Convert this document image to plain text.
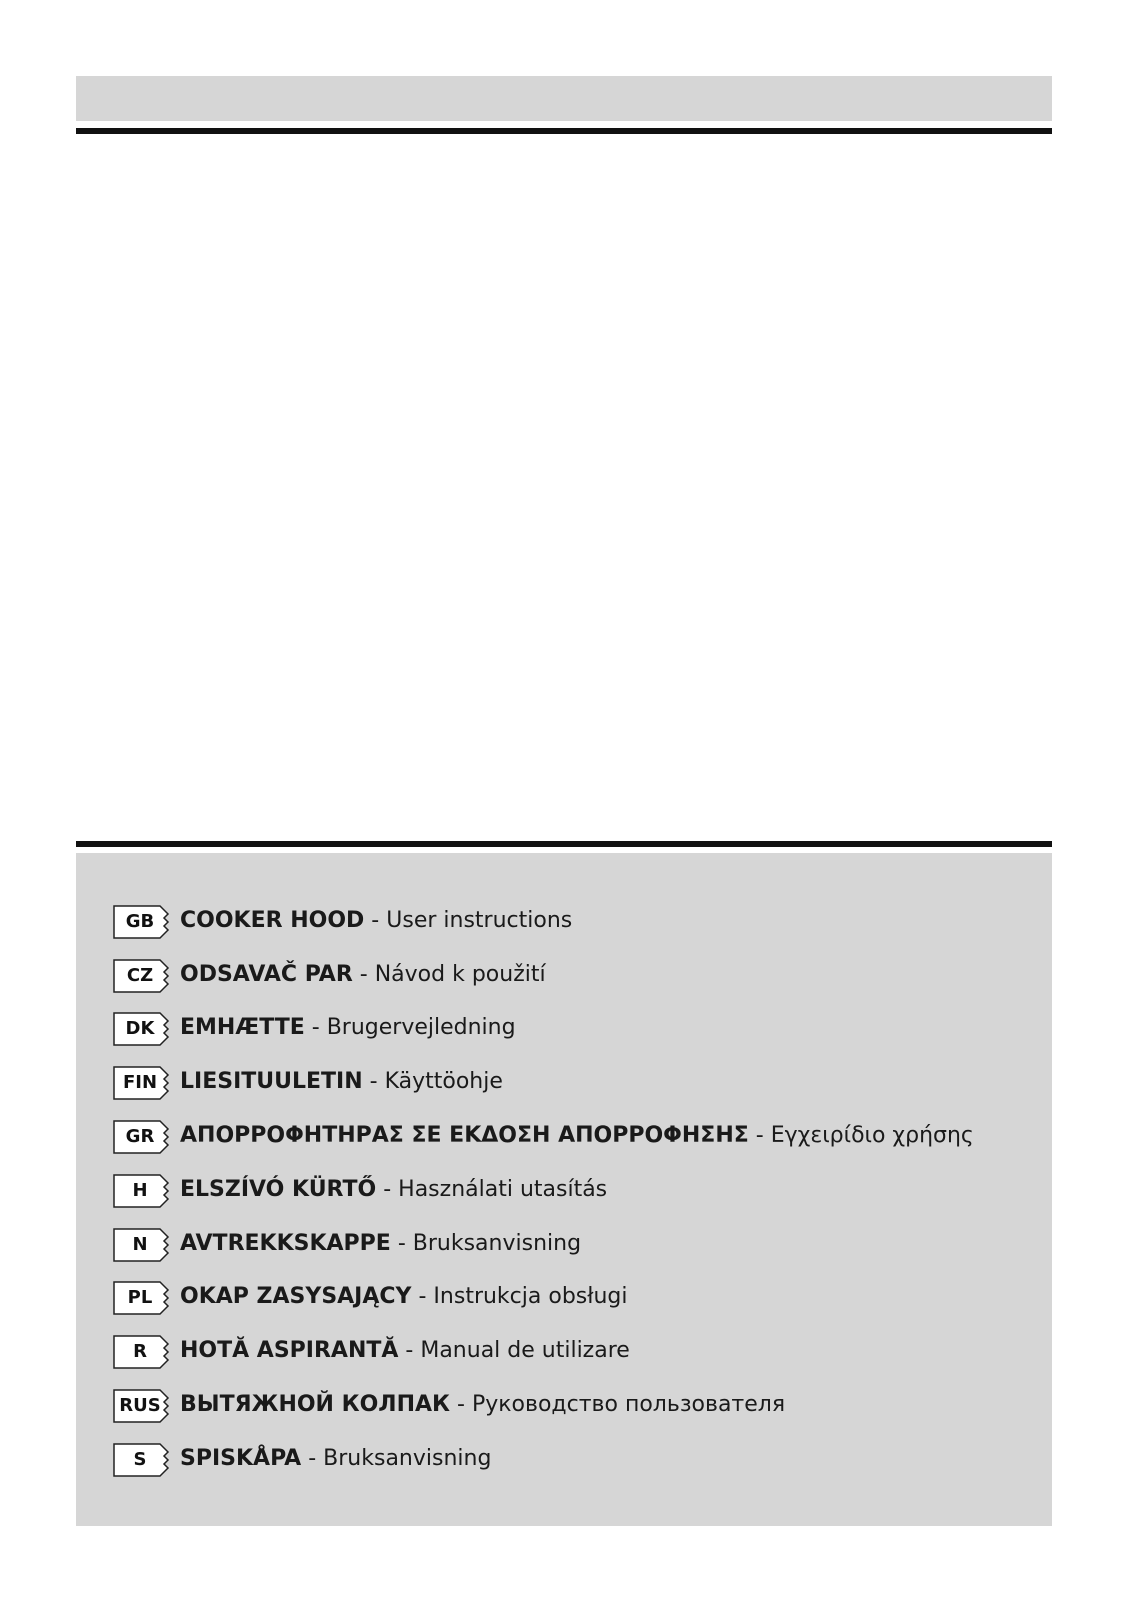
GB	COOKER HOOD - User instructions
CZ	ODSAVAČ PAR - Návod k použití
DK	EMHÆTTE - Brugervejledning
FIN	LIESITUULETIN - Käyttöohje
GR	ΑΠΟΡΡΟΦΗΤΗΡΑΣ ΣΕ ΕΚΔΟΣΗ ΑΠΟΡΡΟΦΗΣΗΣ - Εγχειρίδιο χρήσης
H	ELSZÍVÓ KÜRTŐ - Használati utasítás
N	AVTREKKSKAPPE - Bruksanvisning
PL	OKAP ZASYSAJĄCY - Instrukcja obsługi
R	HOTĂ ASPIRANTĂ - Manual de utilizare
RUS ВЫТЯЖНОЙ КОЛПАК - Руководство пользователя
S	SPISKÅPA - Bruksanvisning
